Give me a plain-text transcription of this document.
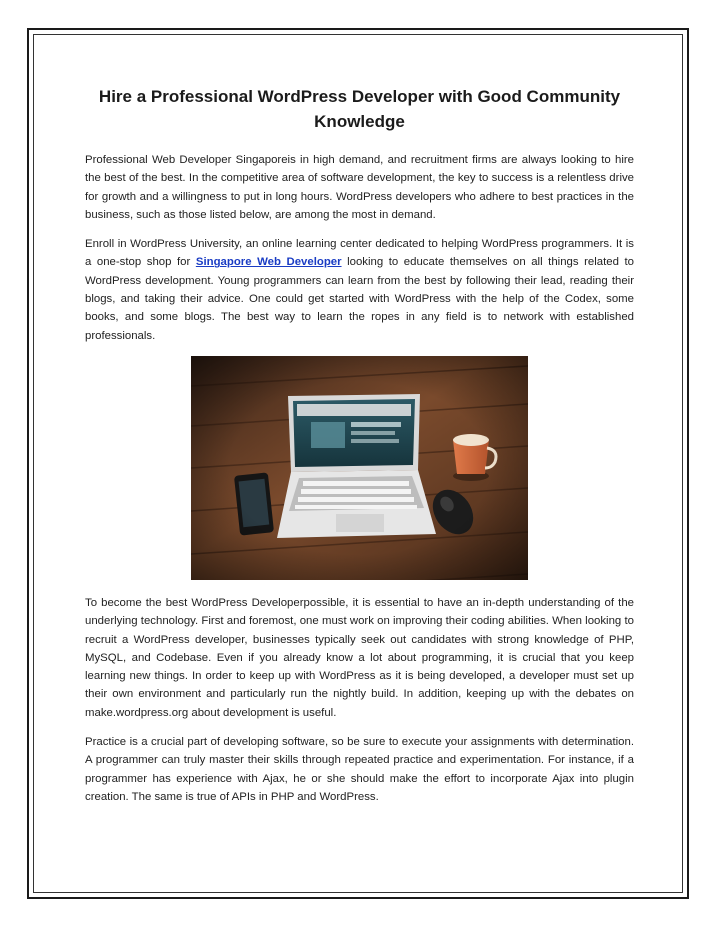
Hire a Professional WordPress Developer with Good Community Knowledge

Professional Web Developer Singaporeis in high demand, and recruitment firms are always looking to hire the best of the best. In the competitive area of software development, the key to success is a relentless drive for growth and a willingness to put in long hours. WordPress developers who adhere to best practices in the business, such as those listed below, are among the most in demand.

Enroll in WordPress University, an online learning center dedicated to helping WordPress programmers. It is a one-stop shop for Singapore Web Developer looking to educate themselves on all things related to WordPress development. Young programmers can learn from the best by following their lead, reading their blogs, and taking their advice. One could get started with WordPress with the help of the Codex, some books, and some blogs. The best way to learn the ropes in any field is to network with established professionals.

To become the best WordPress Developerpossible, it is essential to have an in-depth understanding of the underlying technology. First and foremost, one must work on improving their coding abilities. When looking to recruit a WordPress developer, businesses typically seek out candidates with strong knowledge of PHP, MySQL, and Codebase. Even if you already know a lot about programming, it is crucial that you keep learning new things. In order to keep up with WordPress as it is being developed, a developer must set up their own environment and particularly run the nightly build. In addition, keeping up with the debates on make.wordpress.org about development is useful.

Practice is a crucial part of developing software, so be sure to execute your assignments with determination. A programmer can truly master their skills through repeated practice and experimentation. For instance, if a programmer has experience with Ajax, he or she should make the effort to incorporate Ajax into plugin creation. The same is true of APIs in PHP and WordPress.
